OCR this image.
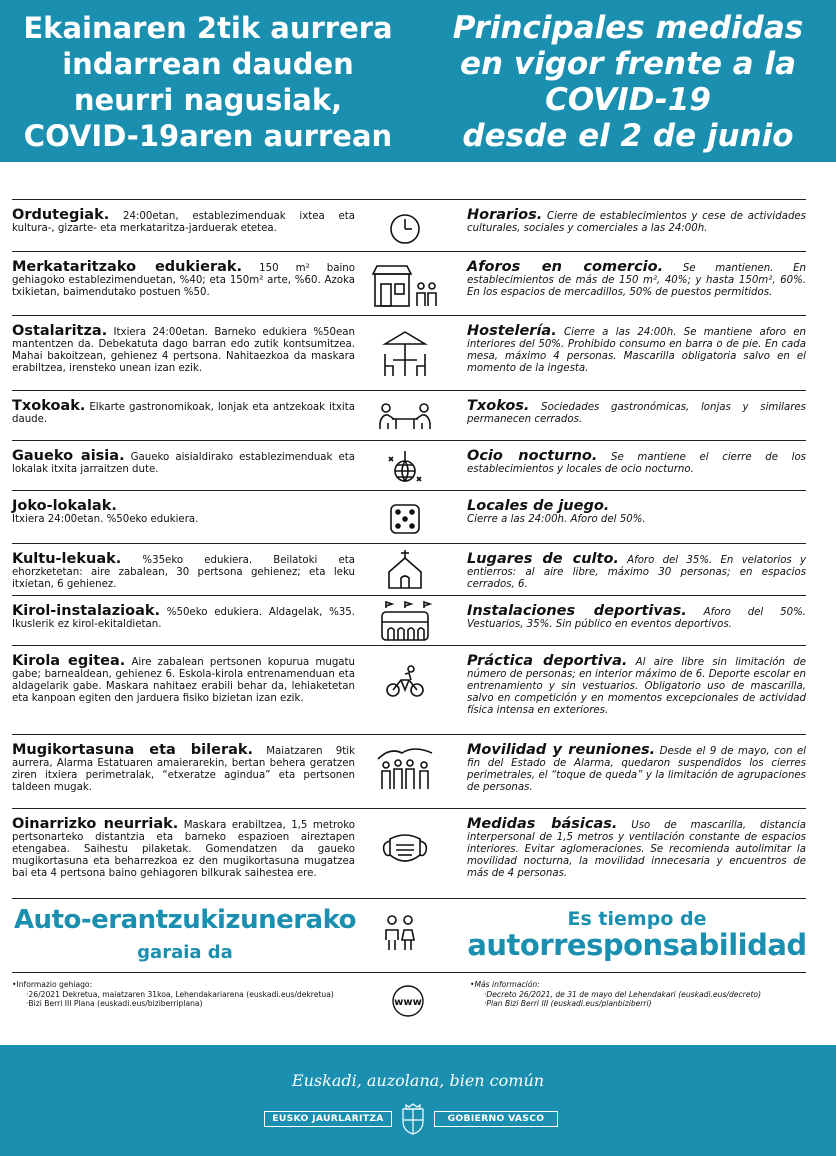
Ekainaren 2tik aurrera
indarrean dauden
neurri nagusiak,
COVID-19aren aurrean
Principales medidas
en vigor frente a la
COVID-19
desde el 2 de junio
Ordutegiak. 24:00etan, establezimenduak ixtea eta kultura-, gizarte- eta merkataritza-jarduerak etetea.
Horarios. Cierre de establecimientos y cese de actividades culturales, sociales y comerciales a las 24:00h.
Merkataritzako edukierak. 150 m² baino gehiagoko establezimenduetan, %40; eta 150m² arte, %60. Azoka txikietan, baimendutako postuen %50.
Aforos en comercio. Se mantienen. En establecimientos de más de 150 m², 40%; y hasta 150m², 60%. En los espacios de mercadillos, 50% de puestos permitidos.
Ostalaritza. Itxiera 24:00etan. Barneko edukiera %50ean mantentzen da. Debekatuta dago barran edo zutik kontsumitzea. Mahai bakoitzean, gehienez 4 pertsona. Nahitaezkoa da maskara erabiltzea, irensteko unean izan ezik.
Hostelería. Cierre a las 24:00h. Se mantiene aforo en interiores del 50%. Prohibido consumo en barra o de pie. En cada mesa, máximo 4 personas. Mascarilla obligatoria salvo en el momento de la ingesta.
Txokoak. Elkarte gastronomikoak, lonjak eta antzekoak itxita daude.
Txokos. Sociedades gastronómicas, lonjas y similares permanecen cerrados.
Gaueko aisia. Gaueko aisialdirako establezimenduak eta lokalak itxita jarraitzen dute.
Ocio nocturno. Se mantiene el cierre de los establecimientos y locales de ocio nocturno.
Joko-lokalak.
Itxiera 24:00etan. %50eko edukiera.
Locales de juego.
Cierre a las 24:00h. Aforo del 50%.
Kultu-lekuak. %35eko edukiera. Beilatoki eta ehorzketetan: aire zabalean, 30 pertsona gehienez; eta leku itxietan, 6 gehienez.
Lugares de culto. Aforo del 35%. En velatorios y entierros: al aire libre, máximo 30 personas; en espacios cerrados, 6.
Kirol-instalazioak. %50eko edukiera. Aldagelak, %35. Ikuslerik ez kirol-ekitaldietan.
Instalaciones deportivas. Aforo del 50%. Vestuarios, 35%. Sin público en eventos deportivos.
Kirola egitea. Aire zabalean pertsonen kopurua mugatu gabe; barnealdean, gehienez 6. Eskola-kirola entrenamenduan eta aldagelarik gabe. Maskara nahitaez erabili behar da, lehiaketetan eta kanpoan egiten den jarduera fisiko bizietan izan ezik.
Práctica deportiva. Al aire libre sin limitación de número de personas; en interior máximo de 6. Deporte escolar en entrenamiento y sin vestuarios. Obligatorio uso de mascarilla, salvo en competición y en momentos excepcionales de actividad física intensa en exteriores.
Mugikortasuna eta bilerak. Maiatzaren 9tik aurrera, Alarma Estatuaren amaierarekin, bertan behera geratzen ziren itxiera perimetralak, “etxeratze agindua” eta pertsonen taldeen mugak.
Movilidad y reuniones. Desde el 9 de mayo, con el fin del Estado de Alarma, quedaron suspendidos los cierres perimetrales, el “toque de queda” y la limitación de agrupaciones de personas.
Oinarrizko neurriak. Maskara erabiltzea, 1,5 metroko pertsonarteko distantzia eta barneko espazioen aireztapen etengabea. Saihestu pilaketak. Gomendatzen da gaueko mugikortasuna eta beharrezkoa ez den mugikortasuna mugatzea bai eta 4 pertsona baino gehiagoren bilkurak saihestea ere.
Medidas básicas. Uso de mascarilla, distancia interpersonal de 1,5 metros y ventilación constante de espacios interiores. Evitar aglomeraciones. Se recomienda autolimitar la movilidad nocturna, la movilidad innecesaria y encuentros de más de 4 personas.
Auto-erantzukizunerako
garaia da
Es tiempo de
autorresponsabilidad
•Informazio gehiago:
·26/2021 Dekretua, maiatzaren 31koa, Lehendakariarena (euskadi.eus/dekretua)
·Bizi Berri III Plana (euskadi.eus/biziberriplana)	www
•Más información:
·Decreto 26/2021, de 31 de mayo del Lehendakari (euskadi.eus/decreto)
·Plan Bizi Berri III (euskadi.eus/planbiziberri)
Euskadi, auzolana, bien común
EUSKO JAURLARITZA	GOBIERNO VASCO
